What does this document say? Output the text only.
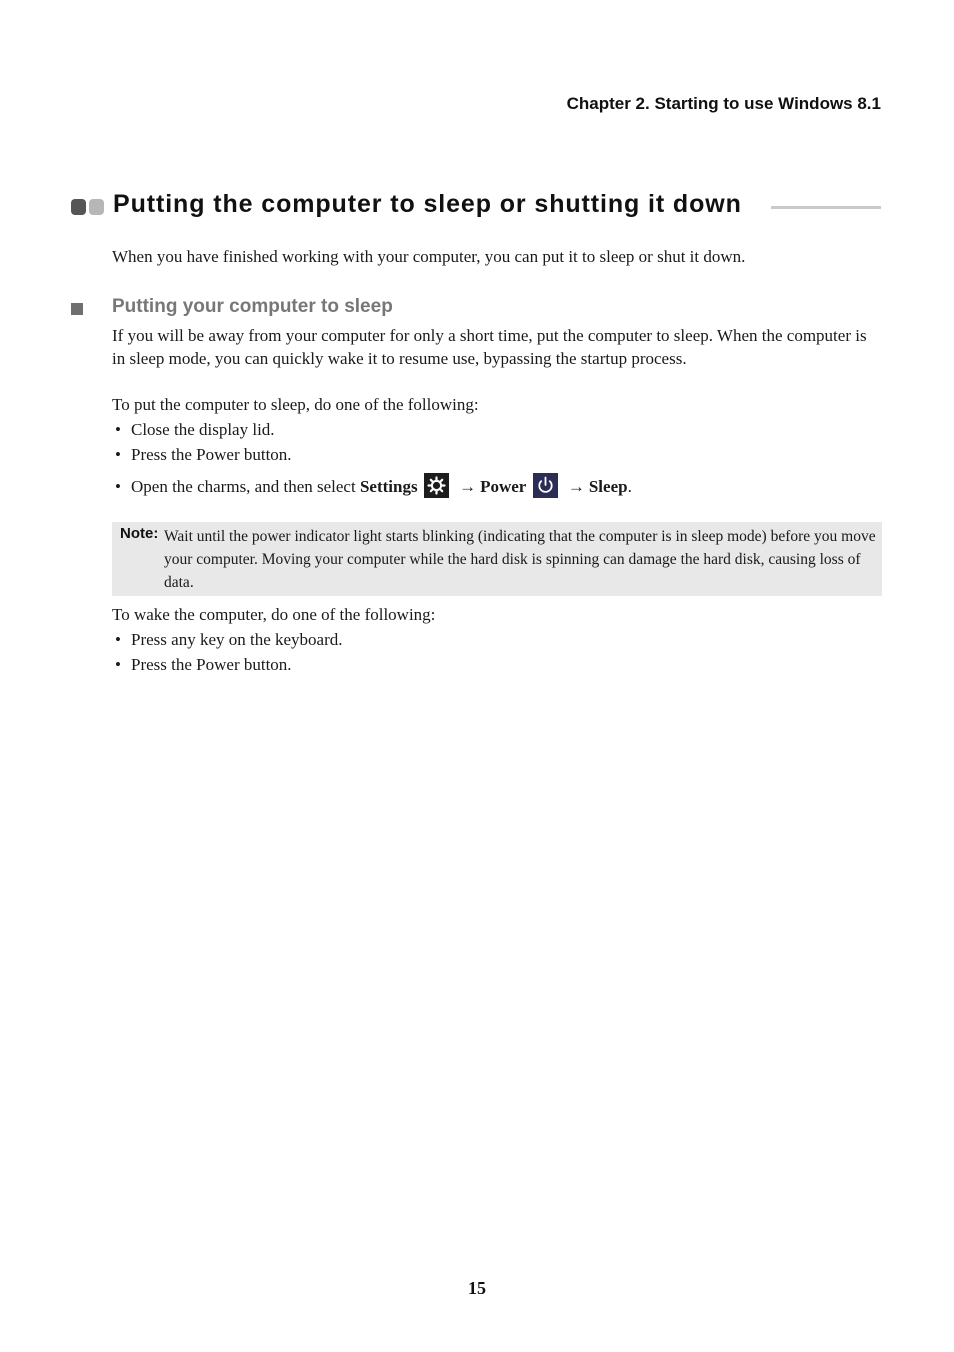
Chapter 2. Starting to use Windows 8.1
Putting the computer to sleep or shutting it down
When you have finished working with your computer, you can put it to sleep or shut it down.
Putting your computer to sleep
If you will be away from your computer for only a short time, put the computer to sleep. When the computer is in sleep mode, you can quickly wake it to resume use, bypassing the startup process.
To put the computer to sleep, do one of the following:
• Close the display lid.
• Press the Power button.
• Open the charms, and then select Settings → Power → Sleep.
Note: Wait until the power indicator light starts blinking (indicating that the computer is in sleep mode) before you move your computer. Moving your computer while the hard disk is spinning can damage the hard disk, causing loss of data.
To wake the computer, do one of the following:
• Press any key on the keyboard.
• Press the Power button.
15
